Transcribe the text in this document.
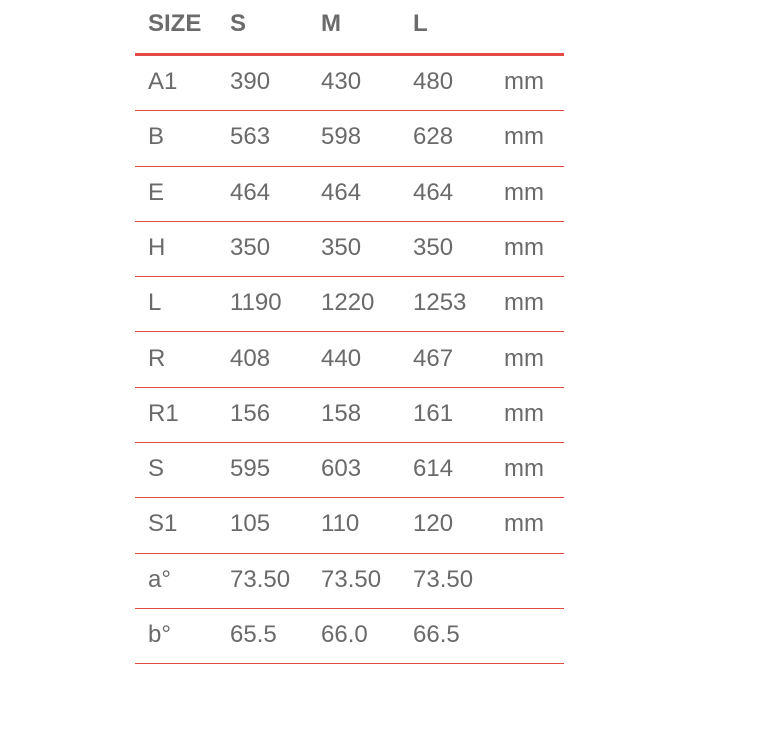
SIZE S	M	L
A1 390 430 480 mm
B	563 598 628 mm
E	464 464 464 mm
H	350 350 350 mm
L	1190 1220 1253 mm
R	408 440 467 mm
R1 156 158 161 mm
S	595 603 614 mm
S1 105 110 120 mm
a° 73.50 73.50 73.50
b° 65.5 66.0 66.5
